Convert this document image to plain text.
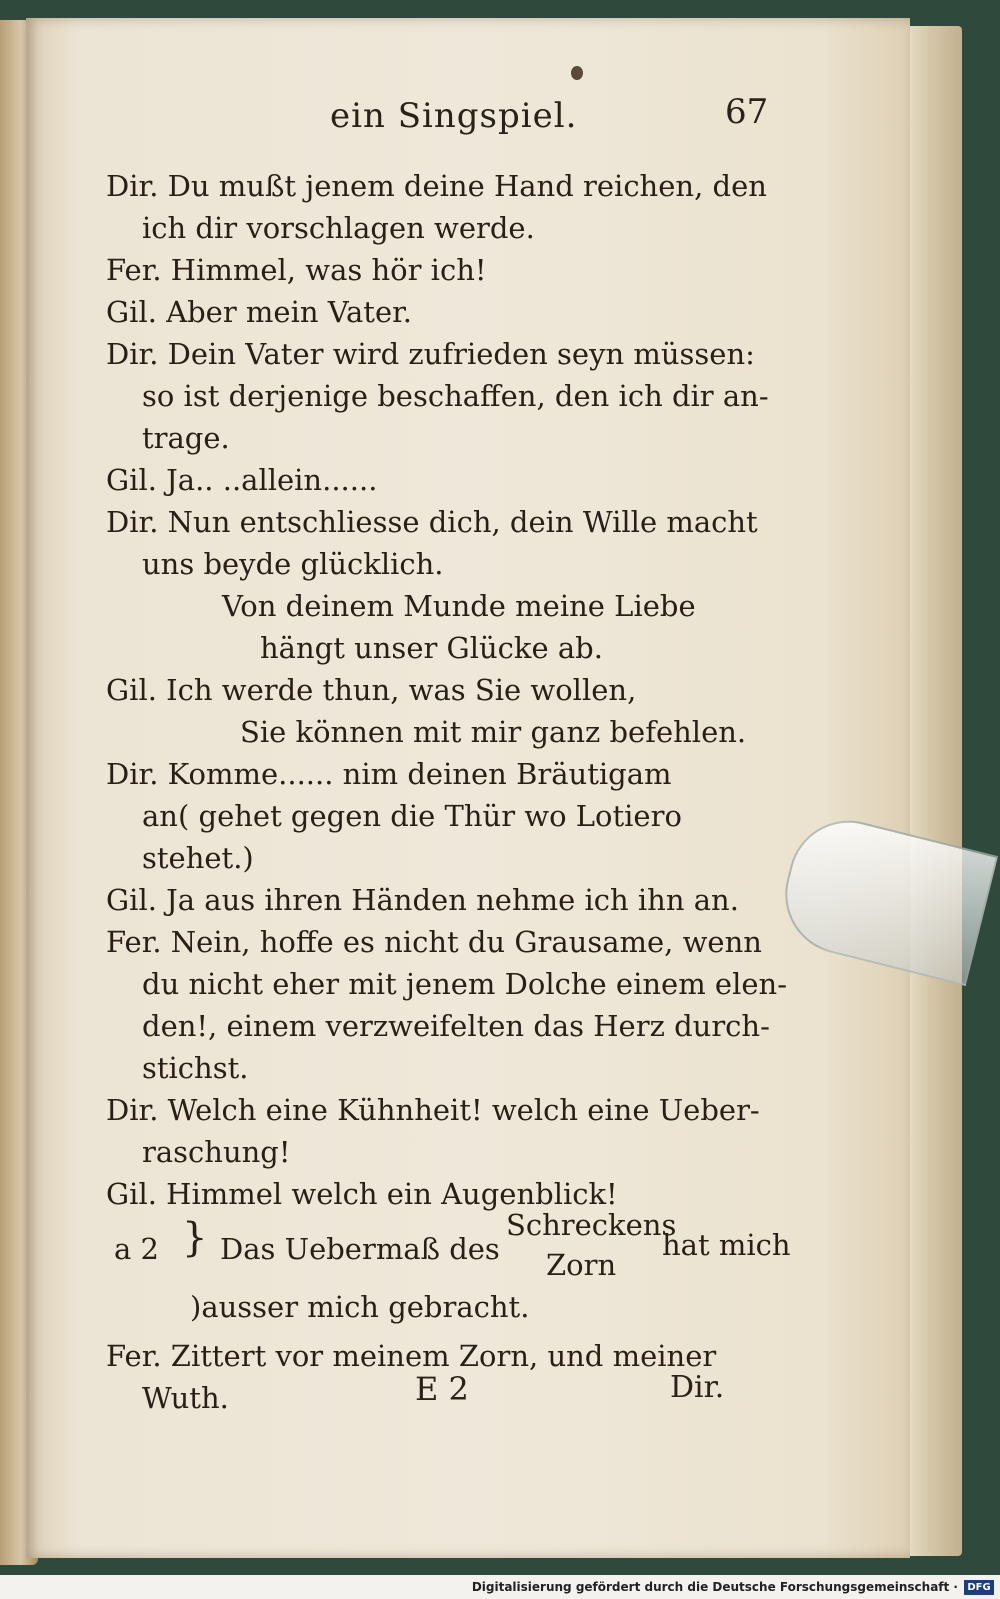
ein Singspiel.	67
Dir. Du mußt jenem deine Hand reichen, den
ich dir vorschlagen werde.
Fer. Himmel, was hör ich!
Gil. Aber mein Vater.
Dir. Dein Vater wird zufrieden seyn müssen:
so ist derjenige beschaffen, den ich dir an-
trage.
Gil. Ja.. ..allein......
Dir. Nun entschliesse dich, dein Wille macht
uns beyde glücklich.
Von deinem Munde meine Liebe
hängt unser Glücke ab.
Gil. Ich werde thun, was Sie wollen,
Sie können mit mir ganz befehlen.
Dir. Komme...... nim deinen Bräutigam
an( gehet gegen die Thür wo Lotiero
stehet.)
Gil. Ja aus ihren Händen nehme ich ihn an.
Fer. Nein, hoffe es nicht du Grausame, wenn
du nicht eher mit jenem Dolche einem elen-
den!, einem verzweifelten das Herz durch-
stichst.
Dir. Welch eine Kühnheit! welch eine Ueber-
raschung!
Gil. Himmel welch ein Augenblick!
a 2 } Das Uebermaß des
Schreckens
Zorn
hat mich
)ausser mich gebracht.
Fer. Zittert vor meinem Zorn, und meiner
Wuth.	E 2	Dir.
Digitalisierung gefördert durch die Deutsche Forschungsgemeinschaft · DFG
